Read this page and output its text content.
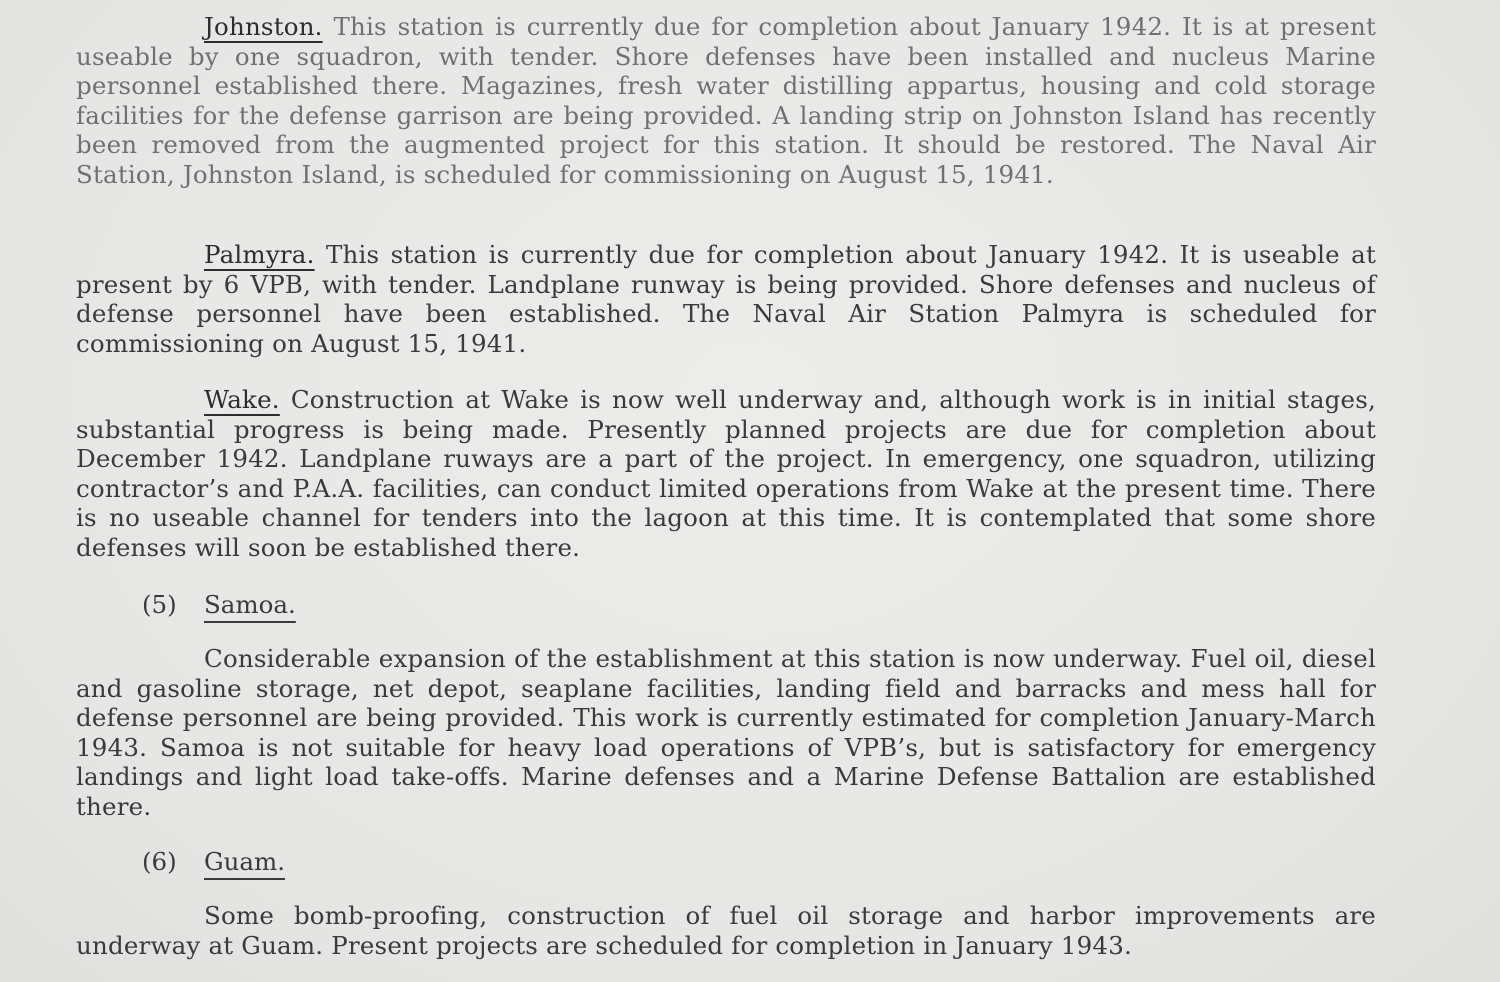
Johnston. This station is currently due for completion about January 1942. It is at present useable by one squadron, with tender. Shore defenses have been installed and nucleus Marine personnel established there. Magazines, fresh water distilling appartus, housing and cold storage facilities for the defense garrison are being provided. A landing strip on Johnston Island has recently been removed from the augmented project for this station. It should be restored. The Naval Air Station, Johnston Island, is scheduled for commissioning on August 15, 1941.

Palmyra. This station is currently due for completion about January 1942. It is useable at present by 6 VPB, with tender. Landplane runway is being provided. Shore defenses and nucleus of defense personnel have been established. The Naval Air Station Palmyra is scheduled for commissioning on August 15, 1941.

Wake. Construction at Wake is now well underway and, although work is in initial stages, substantial progress is being made. Presently planned projects are due for completion about December 1942. Landplane ruways are a part of the project. In emergency, one squadron, utilizing contractor’s and P.A.A. facilities, can conduct limited operations from Wake at the present time. There is no useable channel for tenders into the lagoon at this time. It is contemplated that some shore defenses will soon be established there.

(5) Samoa.

Considerable expansion of the establishment at this station is now underway. Fuel oil, diesel and gasoline storage, net depot, seaplane facilities, landing field and barracks and mess hall for defense personnel are being provided. This work is currently estimated for completion January-March 1943. Samoa is not suitable for heavy load operations of VPB’s, but is satisfactory for emergency landings and light load take-offs. Marine defenses and a Marine Defense Battalion are established there.

(6) Guam.

Some bomb-proofing, construction of fuel oil storage and harbor improvements are underway at Guam. Present projects are scheduled for completion in January 1943.
